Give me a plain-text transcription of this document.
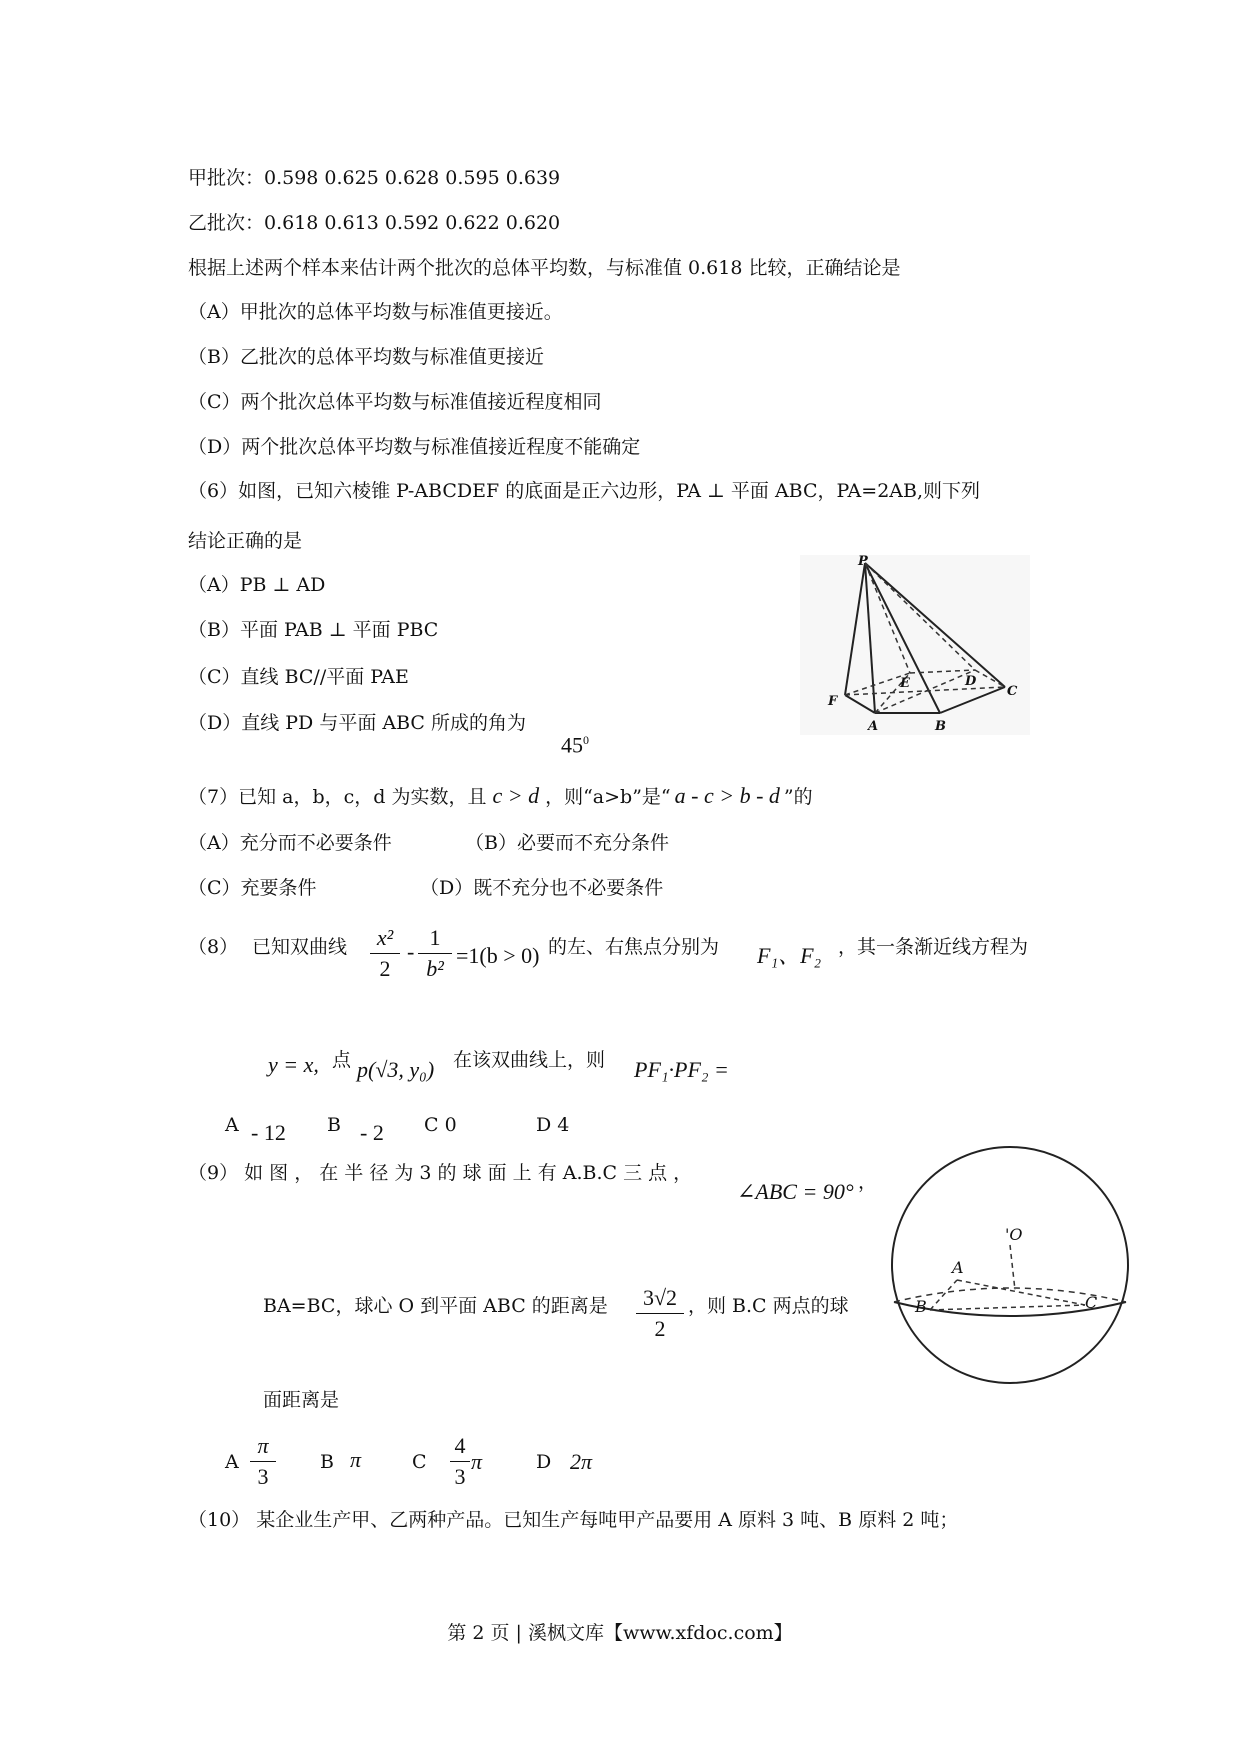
甲批次：0.598 0.625 0.628 0.595 0.639
乙批次：0.618 0.613 0.592 0.622 0.620
根据上述两个样本来估计两个批次的总体平均数，与标准值 0.618 比较，正确结论是
（A）甲批次的总体平均数与标准值更接近。
（B）乙批次的总体平均数与标准值更接近
（C）两个批次总体平均数与标准值接近程度相同
（D）两个批次总体平均数与标准值接近程度不能确定
（6）如图，已知六棱锥 P-ABCDEF 的底面是正六边形，PA ⊥ 平面 ABC，PA=2AB,则下列
结论正确的是
（A）PB ⊥ AD
（B）平面 PAB ⊥ 平面 PBC
（C）直线 BC//平面 PAE
（D）直线 PD 与平面 ABC 所成的角为
$45^0$
P
F
A	B
C
D
E
（7）已知 a，b，c，d 为实数，且 c > d ，则“a>b”是“ a - c > b - d ”的
（A）充分而不必要条件	（B）必要而不充分条件
（C）充要条件	（D）既不充分也不必要条件
（8） 已知双曲线	x²
2
-
1
b²
=1(b > 0) 的左、右焦点分别为 F₁、F₂ ，其一条渐近线方程为
y = x, 点 p(√3, y₀) 在该双曲线上，则 PF₁·PF₂ =
A - 12 B - 2 C 0	D 4
（9） 如 图 ， 在 半 径 为 3 的 球 面 上 有 A.B.C 三 点 ，
∠ABC = 90° ，
BA=BC，球心 O 到平面 ABC 的距离是	3√2
2
，则 B.C 两点的球
面距离是
A
π
3
B π	C
4
3
π	D 2π
'O
A
B	C
（10） 某企业生产甲、乙两种产品。已知生产每吨甲产品要用 A 原料 3 吨、B 原料 2 吨；
第 2 页 | 溪枫文库【www.xfdoc.com】
